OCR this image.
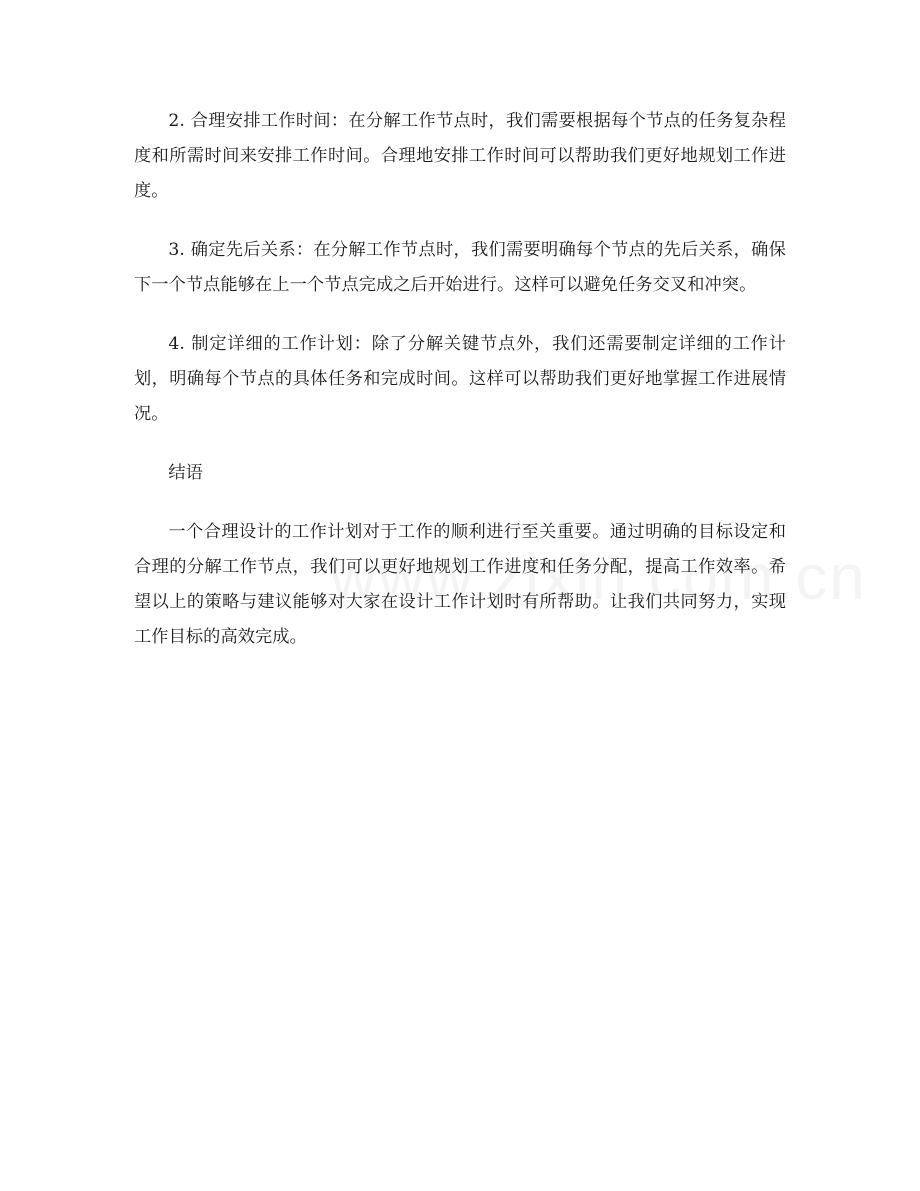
2. 合理安排工作时间：在分解工作节点时，我们需要根据每个节点的任务复杂程度和所需时间来安排工作时间。合理地安排工作时间可以帮助我们更好地规划工作进度。

3. 确定先后关系：在分解工作节点时，我们需要明确每个节点的先后关系，确保下一个节点能够在上一个节点完成之后开始进行。这样可以避免任务交叉和冲突。

4. 制定详细的工作计划：除了分解关键节点外，我们还需要制定详细的工作计划，明确每个节点的具体任务和完成时间。这样可以帮助我们更好地掌握工作进展情况。

结语

一个合理设计的工作计划对于工作的顺利进行至关重要。通过明确的目标设定和合理的分解工作节点，我们可以更好地规划工作进度和任务分配，提高工作效率。希望以上的策略与建议能够对大家在设计工作计划时有所帮助。让我们共同努力，实现工作目标的高效完成。
